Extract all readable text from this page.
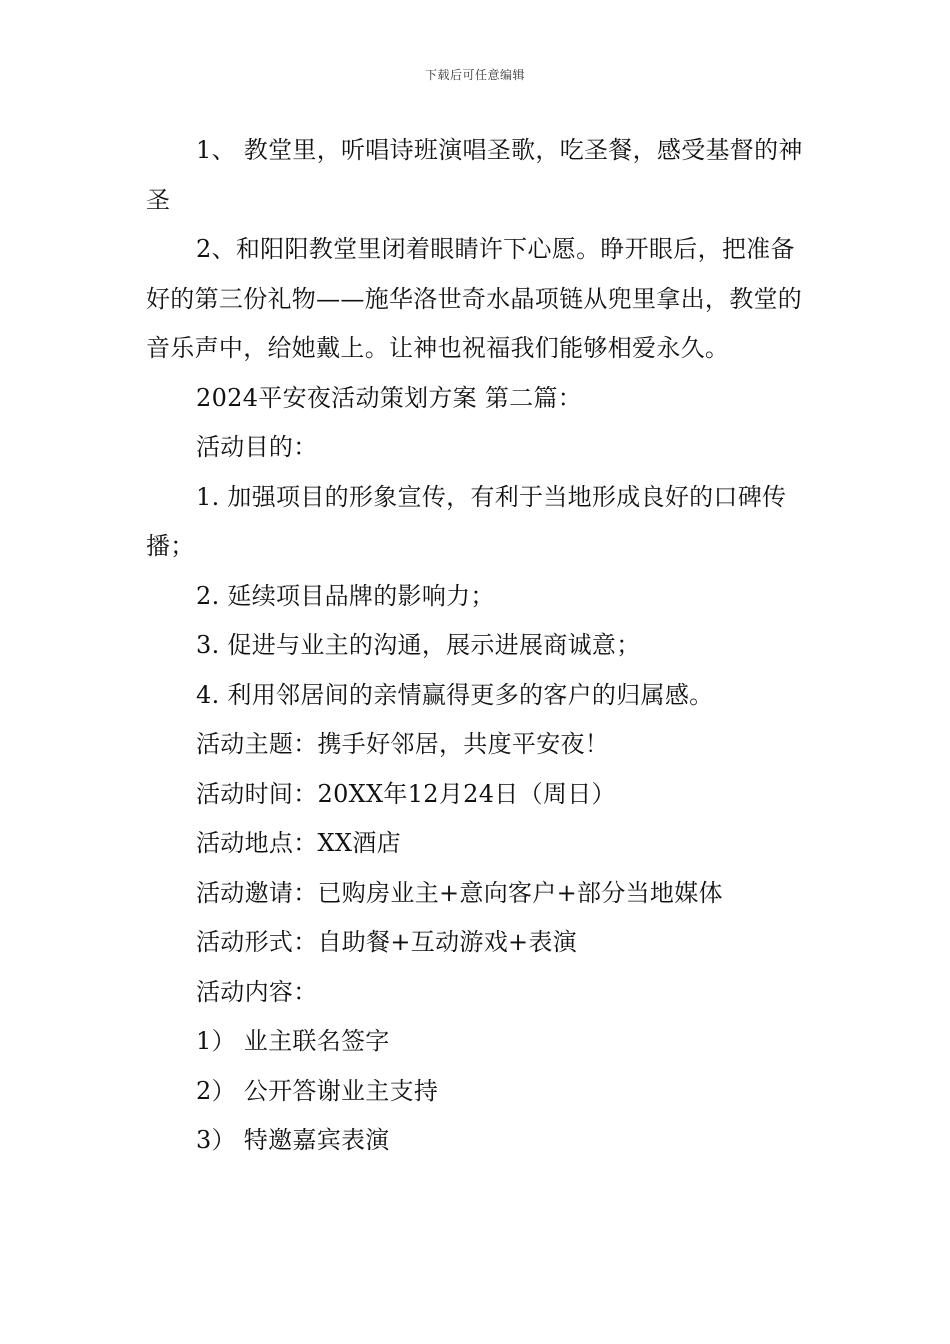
下载后可任意编辑

1、 教堂里，听唱诗班演唱圣歌，吃圣餐，感受基督的神圣

2、和阳阳教堂里闭着眼睛许下心愿。睁开眼后，把准备好的第三份礼物——施华洛世奇水晶项链从兜里拿出，教堂的音乐声中，给她戴上。让神也祝福我们能够相爱永久。

2024平安夜活动策划方案 第二篇：

活动目的：

1. 加强项目的形象宣传，有利于当地形成良好的口碑传播；

2. 延续项目品牌的影响力；

3. 促进与业主的沟通，展示进展商诚意；

4. 利用邻居间的亲情赢得更多的客户的归属感。

活动主题：携手好邻居，共度平安夜！

活动时间：20XX年12月24日（周日）

活动地点：XX酒店

活动邀请：已购房业主+意向客户+部分当地媒体

活动形式：自助餐+互动游戏+表演

活动内容：

1） 业主联名签字

2） 公开答谢业主支持

3） 特邀嘉宾表演
